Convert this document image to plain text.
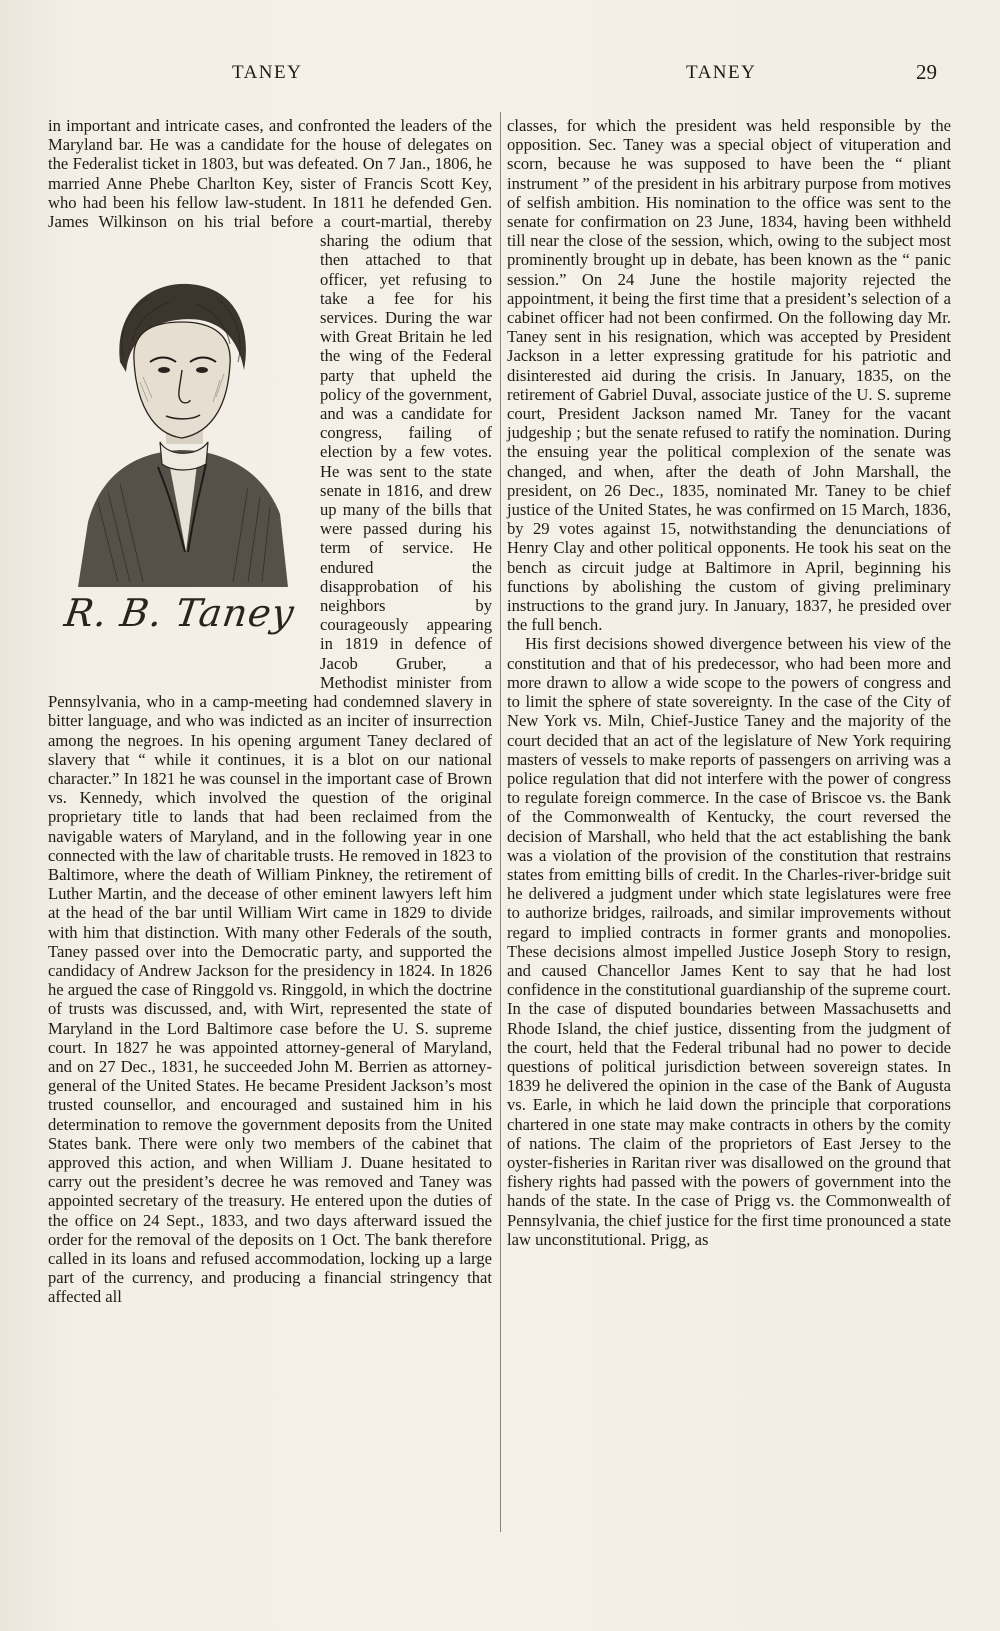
TANEY	TANEY	29
R. B. Taney

in important and intricate cases, and confronted the leaders of the Maryland bar. He was a candidate for the house of delegates on the Federalist ticket in 1803, but was defeated. On 7 Jan., 1806, he married Anne Phebe Charlton Key, sister of Francis Scott Key, who had been his fellow law-student. In 1811 he defended Gen. James Wilkinson on his trial before a court-martial, thereby sharing the odium that then attached to that officer, yet refusing to take a fee for his services. During the war with Great Britain he led the wing of the Federal party that upheld the policy of the government, and was a candidate for congress, failing of election by a few votes. He was sent to the state senate in 1816, and drew up many of the bills that were passed during his term of service. He endured the disapprobation of his neighbors by courageously appearing in 1819 in defence of Jacob Gruber, a Methodist minister from Pennsylvania, who in a camp-meeting had condemned slavery in bitter language, and who was indicted as an inciter of insurrection among the negroes. In his opening argument Taney declared of slavery that “ while it continues, it is a blot on our national character.” In 1821 he was counsel in the important case of Brown vs. Kennedy, which involved the question of the original proprietary title to lands that had been reclaimed from the navigable waters of Maryland, and in the following year in one connected with the law of charitable trusts. He removed in 1823 to Baltimore, where the death of William Pinkney, the retirement of Luther Martin, and the decease of other eminent lawyers left him at the head of the bar until William Wirt came in 1829 to divide with him that distinction. With many other Federals of the south, Taney passed over into the Democratic party, and supported the candidacy of Andrew Jackson for the presidency in 1824. In 1826 he argued the case of Ringgold vs. Ringgold, in which the doctrine of trusts was discussed, and, with Wirt, represented the state of Maryland in the Lord Baltimore case before the U. S. supreme court. In 1827 he was appointed attorney-general of Maryland, and on 27 Dec., 1831, he succeeded John M. Berrien as attorney-general of the United States. He became President Jackson’s most trusted counsellor, and encouraged and sustained him in his determination to remove the government deposits from the United States bank. There were only two members of the cabinet that approved this action, and when William J. Duane hesitated to carry out the president’s decree he was removed and Taney was appointed secretary of the treasury. He entered upon the duties of the office on 24 Sept., 1833, and two days afterward issued the order for the removal of the deposits on 1 Oct. The bank therefore called in its loans and refused accommodation, locking up a large part of the currency, and producing a financial stringency that affected all

classes, for which the president was held responsible by the opposition. Sec. Taney was a special object of vituperation and scorn, because he was supposed to have been the “ pliant instrument ” of the president in his arbitrary purpose from motives of selfish ambition. His nomination to the office was sent to the senate for confirmation on 23 June, 1834, having been withheld till near the close of the session, which, owing to the subject most prominently brought up in debate, has been known as the “ panic session.” On 24 June the hostile majority rejected the appointment, it being the first time that a president’s selection of a cabinet officer had not been confirmed. On the following day Mr. Taney sent in his resignation, which was accepted by President Jackson in a letter expressing gratitude for his patriotic and disinterested aid during the crisis. In January, 1835, on the retirement of Gabriel Duval, associate justice of the U. S. supreme court, President Jackson named Mr. Taney for the vacant judgeship ; but the senate refused to ratify the nomination. During the ensuing year the political complexion of the senate was changed, and when, after the death of John Marshall, the president, on 26 Dec., 1835, nominated Mr. Taney to be chief justice of the United States, he was confirmed on 15 March, 1836, by 29 votes against 15, notwithstanding the denunciations of Henry Clay and other political opponents. He took his seat on the bench as circuit judge at Baltimore in April, beginning his functions by abolishing the custom of giving preliminary instructions to the grand jury. In January, 1837, he presided over the full bench.

His first decisions showed divergence between his view of the constitution and that of his predecessor, who had been more and more drawn to allow a wide scope to the powers of congress and to limit the sphere of state sovereignty. In the case of the City of New York vs. Miln, Chief-Justice Taney and the majority of the court decided that an act of the legislature of New York requiring masters of vessels to make reports of passengers on arriving was a police regulation that did not interfere with the power of congress to regulate foreign commerce. In the case of Briscoe vs. the Bank of the Commonwealth of Kentucky, the court reversed the decision of Marshall, who held that the act establishing the bank was a violation of the provision of the constitution that restrains states from emitting bills of credit. In the Charles-river-bridge suit he delivered a judgment under which state legislatures were free to authorize bridges, railroads, and similar improvements without regard to implied contracts in former grants and monopolies. These decisions almost impelled Justice Joseph Story to resign, and caused Chancellor James Kent to say that he had lost confidence in the constitutional guardianship of the supreme court. In the case of disputed boundaries between Massachusetts and Rhode Island, the chief justice, dissenting from the judgment of the court, held that the Federal tribunal had no power to decide questions of political jurisdiction between sovereign states. In 1839 he delivered the opinion in the case of the Bank of Augusta vs. Earle, in which he laid down the principle that corporations chartered in one state may make contracts in others by the comity of nations. The claim of the proprietors of East Jersey to the oyster-fisheries in Raritan river was disallowed on the ground that fishery rights had passed with the powers of government into the hands of the state. In the case of Prigg vs. the Commonwealth of Pennsylvania, the chief justice for the first time pronounced a state law unconstitutional. Prigg, as
